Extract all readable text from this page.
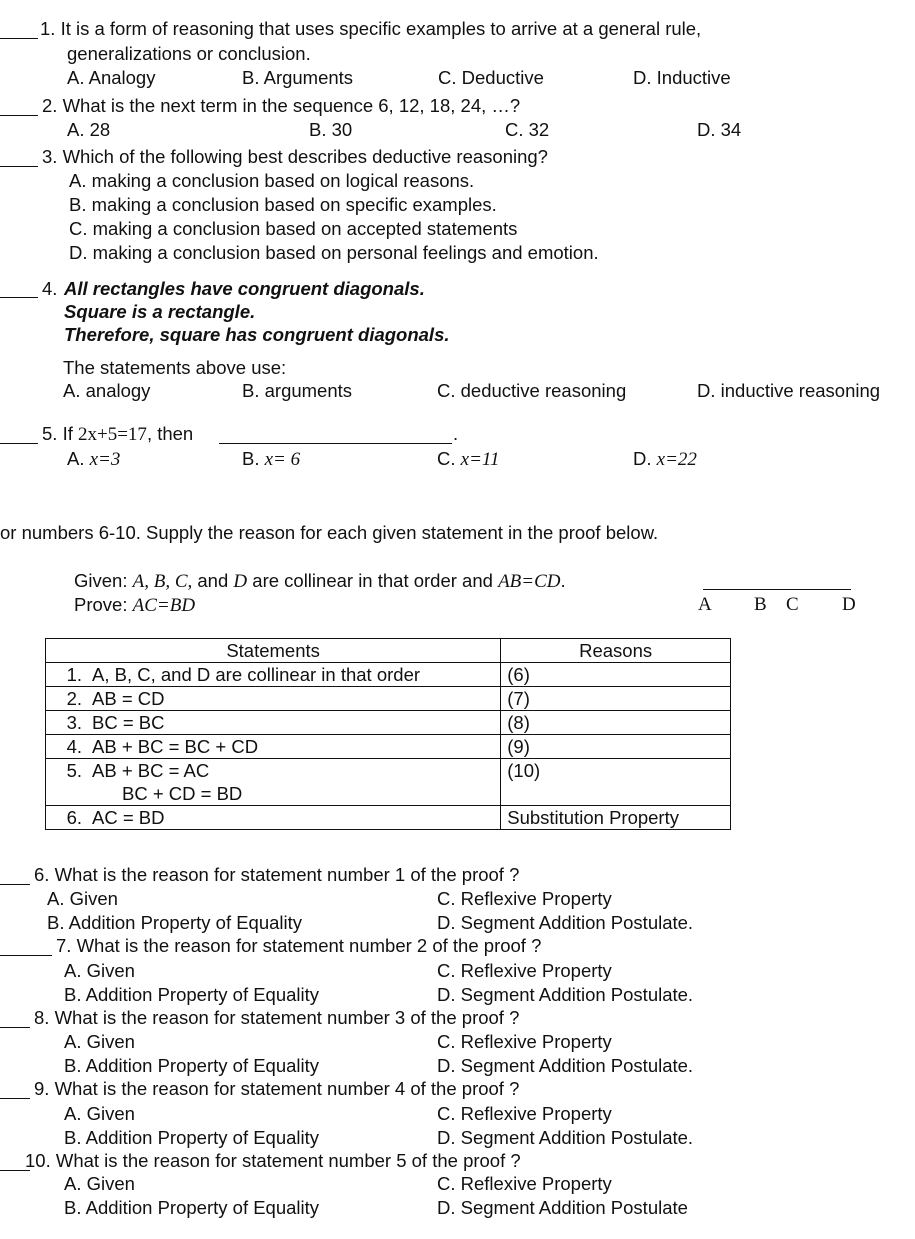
1. It is a form of reasoning that uses specific examples to arrive at a general rule,
generalizations or conclusion.
A. Analogy	B. Arguments	C. Deductive	D. Inductive
2. What is the next term in the sequence 6, 12, 18, 24, …?
A. 28	B. 30	C. 32	D. 34
3. Which of the following best describes deductive reasoning?
A. making a conclusion based on logical reasons.
B. making a conclusion based on specific examples.
C. making a conclusion based on accepted statements
D. making a conclusion based on personal feelings and emotion.
4. All rectangles have congruent diagonals.
Square is a rectangle.
Therefore, square has congruent diagonals.
The statements above use:
A. analogy	B. arguments	C. deductive reasoning	D. inductive reasoning
5. If 2x+5=17, then	.
A. x=3	B. x= 6	C. x=11	D. x=22
or numbers 6-10. Supply the reason for each given statement in the proof below.
Given: A, B, C, and D are collinear in that order and AB=CD.
Prove: AC=BD	A B C D
Statements	Reasons
1. A, B, C, and D are collinear in that order	(6)
2. AB = CD	(7)
3. BC = BC	(8)
4. AB + BC = BC + CD	(9)
5. AB + BC = AC
BC + CD = BD	(10)
6. AC = BD	Substitution Property
6. What is the reason for statement number 1 of the proof ?
A. Given
B. Addition Property of Equality
C. Reflexive Property
D. Segment Addition Postulate.
7. What is the reason for statement number 2 of the proof ?
A. Given
B. Addition Property of Equality
C. Reflexive Property
D. Segment Addition Postulate.
8. What is the reason for statement number 3 of the proof ?
A. Given
B. Addition Property of Equality
C. Reflexive Property
D. Segment Addition Postulate.
9. What is the reason for statement number 4 of the proof ?
A. Given
B. Addition Property of Equality
C. Reflexive Property
D. Segment Addition Postulate.
10. What is the reason for statement number 5 of the proof ?
A. Given
B. Addition Property of Equality
C. Reflexive Property
D. Segment Addition Postulate
